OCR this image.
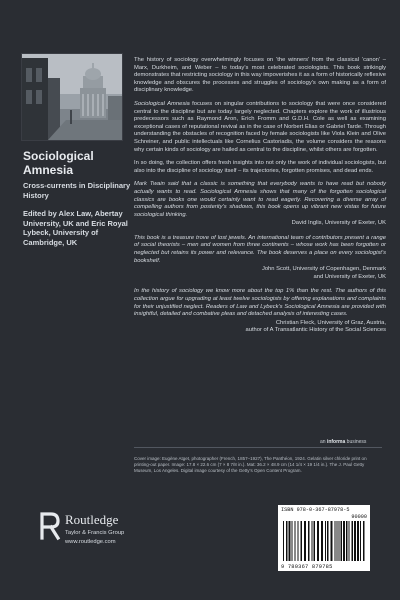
Sociological
Amnesia
Cross-currents in Disciplinary History
Edited by Alex Law, Abertay University, UK and Eric Royal Lybeck, University of Cambridge, UK

The history of sociology overwhelmingly focuses on ‘the winners’ from the classical ‘canon’ – Marx, Durkheim, and Weber – to today’s most celebrated sociologists. This book strikingly demonstrates that restricting sociology in this way impoverishes it as a form of historically reflexive knowledge and obscures the processes and struggles of sociology’s own making as a form of disciplinary knowledge.

Sociological Amnesia focuses on singular contributions to sociology that were once considered central to the discipline but are today largely neglected. Chapters explore the work of illustrious predecessors such as Raymond Aron, Erich Fromm and G.D.H. Cole as well as examining exceptional cases of reputational revival as in the case of Norbert Elias or Gabriel Tarde. Through understanding the obstacles of recognition faced by female sociologists like Viola Klein and Olive Schreiner, and public intellectuals like Cornelius Castoriadis, the volume considers the reasons why certain kinds of sociology are hailed as central to the discipline, whilst others are forgotten.

In so doing, the collection offers fresh insights into not only the work of individual sociologists, but also into the discipline of sociology itself – its trajectories, forgotten promises, and dead ends.

Mark Twain said that a classic is something that everybody wants to have read but nobody actually wants to read. Sociological Amnesia shows that many of the forgotten sociological classics are books one would certainly want to read eagerly. Recovering a diverse array of compelling authors from posterity’s shadows, this book opens up vibrant new vistas for future sociological thinking.

David Inglis, University of Exeter, UK

This book is a treasure trove of lost jewels. An international team of contributors present a range of social theorists – men and women from three continents – whose work has been forgotten or neglected but retains its power and relevance. The book deserves a place on every sociologist’s bookshelf.

John Scott, University of Copenhagen, Denmark
and University of Exeter, UK

In the history of sociology we know more about the top 1% than the rest. The authors of this collection argue for upgrading at least twelve sociologists by offering explanations and complaints for their unjustified neglect. Readers of Law and Lybeck’s Sociological Amnesia are provided with insightful, detailed and combative pleas and detached analysis of interesting cases.

Christian Fleck, University of Graz, Austria,
author of A Transatlantic History of the Social Sciences
an informa business
Cover image: Eugène Atget, photographer (French, 1857–1927), The Panthéon, 1924. Gelatin silver chloride print on printing-out paper. Image: 17.8 × 22.6 cm (7 × 8 7/8 in.). Mat: 36.2 × 48.9 cm (14 1/4 × 19 1/4 in.). The J. Paul Getty Museum, Los Angeles. Digital image courtesy of the Getty’s Open Content Program.
Routledge
Taylor & Francis Group
www.routledge.com
ISBN 978-0-367-87978-5
90000
9 780367 879785
